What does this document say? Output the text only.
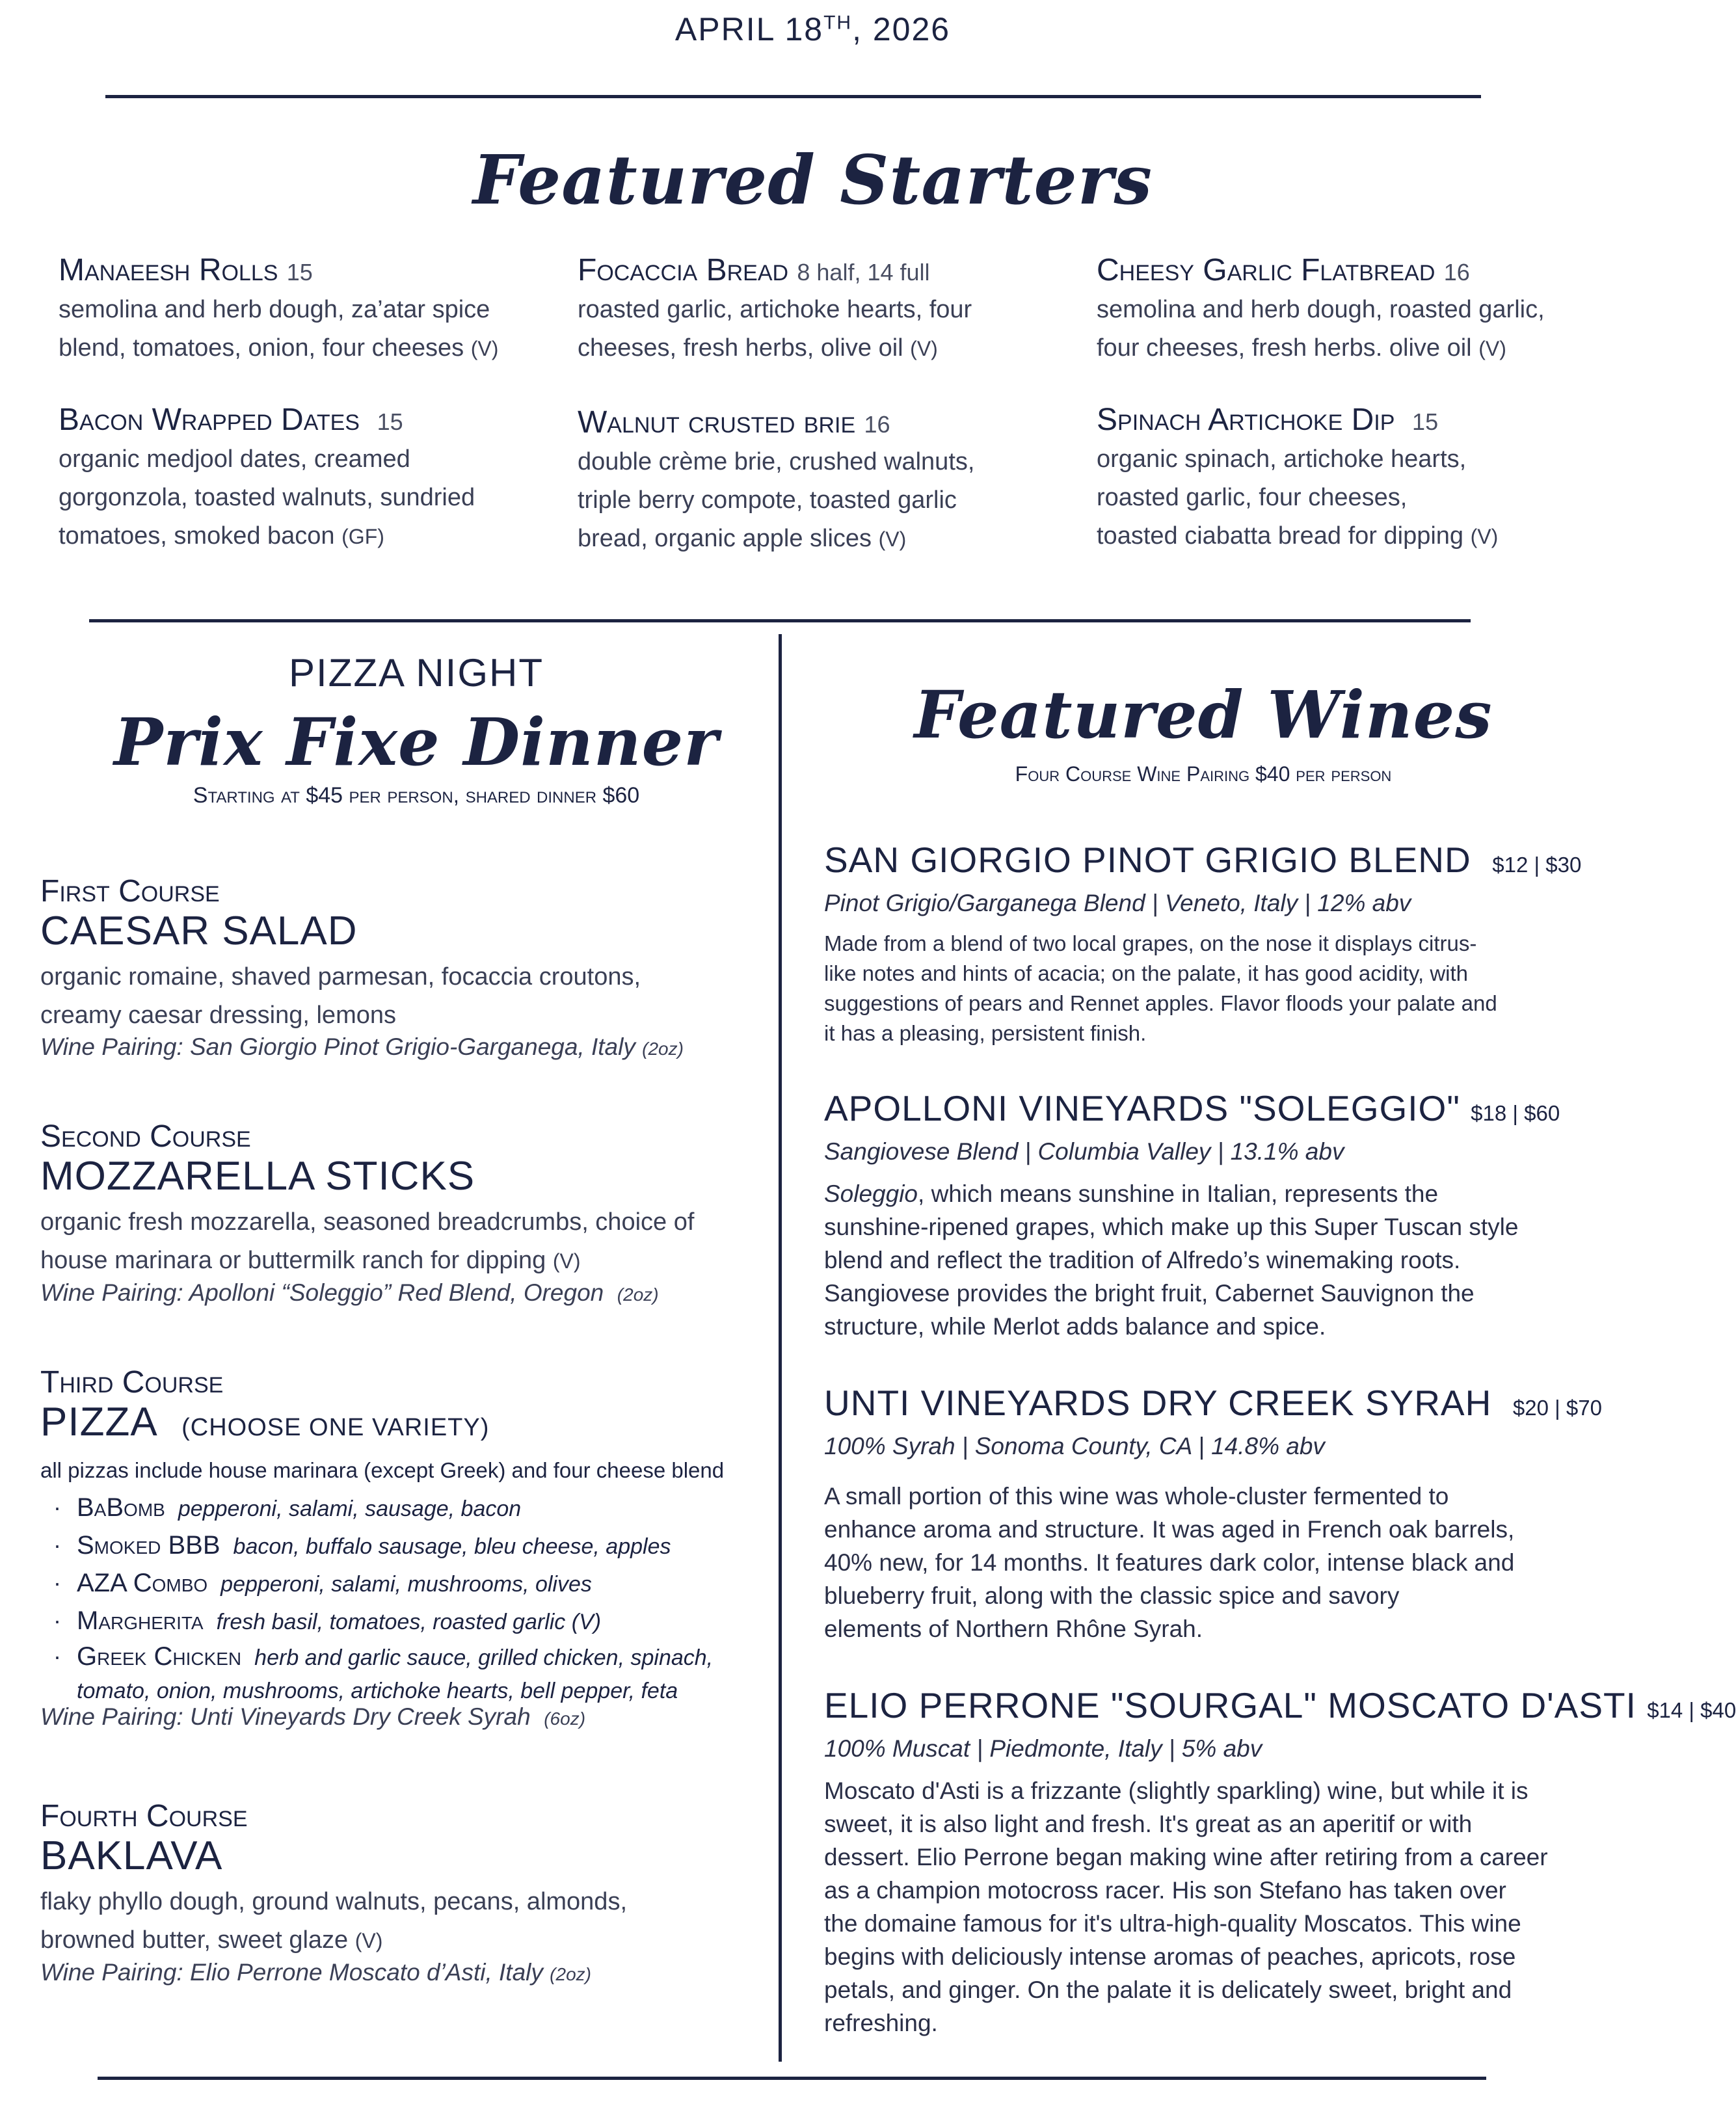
APRIL 18TH, 2026
Featured Starters
Manaeesh Rolls 15
semolina and herb dough, za’atar spice
blend, tomatoes, onion, four cheeses (V)
Focaccia Bread 8 half, 14 full
roasted garlic, artichoke hearts, four
cheeses, fresh herbs, olive oil (V)
Cheesy Garlic Flatbread 16
semolina and herb dough, roasted garlic,
four cheeses, fresh herbs. olive oil (V)
Bacon Wrapped Dates 15
organic medjool dates, creamed
gorgonzola, toasted walnuts, sundried
tomatoes, smoked bacon (GF)
Walnut crusted brie 16
double crème brie, crushed walnuts,
triple berry compote, toasted garlic
bread, organic apple slices (V)
Spinach Artichoke Dip 15
organic spinach, artichoke hearts,
roasted garlic, four cheeses,
toasted ciabatta bread for dipping (V)
PIZZA NIGHT
Prix Fixe Dinner
Starting at $45 per person, shared dinner $60
First Course
CAESAR SALAD
organic romaine, shaved parmesan, focaccia croutons,
creamy caesar dressing, lemons
Wine Pairing: San Giorgio Pinot Grigio-Garganega, Italy (2oz)
Second Course
MOZZARELLA STICKS
organic fresh mozzarella, seasoned breadcrumbs, choice of
house marinara or buttermilk ranch for dipping (V)
Wine Pairing: Apolloni “Soleggio” Red Blend, Oregon (2oz)
Third Course
PIZZA (CHOOSE ONE VARIETY)
all pizzas include house marinara (except Greek) and four cheese blend
· BaBomb pepperoni, salami, sausage, bacon
· Smoked BBB bacon, buffalo sausage, bleu cheese, apples
· AZA Combo pepperoni, salami, mushrooms, olives
· Margherita fresh basil, tomatoes, roasted garlic (V)
· Greek Chicken herb and garlic sauce, grilled chicken, spinach,
tomato, onion, mushrooms, artichoke hearts, bell pepper, feta
Wine Pairing: Unti Vineyards Dry Creek Syrah (6oz)
Fourth Course
BAKLAVA
flaky phyllo dough, ground walnuts, pecans, almonds,
browned butter, sweet glaze (V)
Wine Pairing: Elio Perrone Moscato d’Asti, Italy (2oz)
Featured Wines
Four Course Wine Pairing $40 per person
SAN GIORGIO PINOT GRIGIO BLEND $12 | $30
Pinot Grigio/Garganega Blend | Veneto, Italy | 12% abv
Made from a blend of two local grapes, on the nose it displays citrus-
like notes and hints of acacia; on the palate, it has good acidity, with
suggestions of pears and Rennet apples. Flavor floods your palate and
it has a pleasing, persistent finish.
APOLLONI VINEYARDS "SOLEGGIO" $18 | $60
Sangiovese Blend | Columbia Valley | 13.1% abv
Soleggio, which means sunshine in Italian, represents the
sunshine-ripened grapes, which make up this Super Tuscan style
blend and reflect the tradition of Alfredo’s winemaking roots.
Sangiovese provides the bright fruit, Cabernet Sauvignon the
structure, while Merlot adds balance and spice.
UNTI VINEYARDS DRY CREEK SYRAH $20 | $70
100% Syrah | Sonoma County, CA | 14.8% abv
A small portion of this wine was whole-cluster fermented to
enhance aroma and structure. It was aged in French oak barrels,
40% new, for 14 months. It features dark color, intense black and
blueberry fruit, along with the classic spice and savory
elements of Northern Rhône Syrah.
ELIO PERRONE "SOURGAL" MOSCATO D'ASTI $14 | $40
100% Muscat | Piedmonte, Italy | 5% abv
Moscato d'Asti is a frizzante (slightly sparkling) wine, but while it is
sweet, it is also light and fresh. It's great as an aperitif or with
dessert. Elio Perrone began making wine after retiring from a career
as a champion motocross racer. His son Stefano has taken over
the domaine famous for it's ultra-high-quality Moscatos. This wine
begins with deliciously intense aromas of peaches, apricots, rose
petals, and ginger. On the palate it is delicately sweet, bright and
refreshing.
